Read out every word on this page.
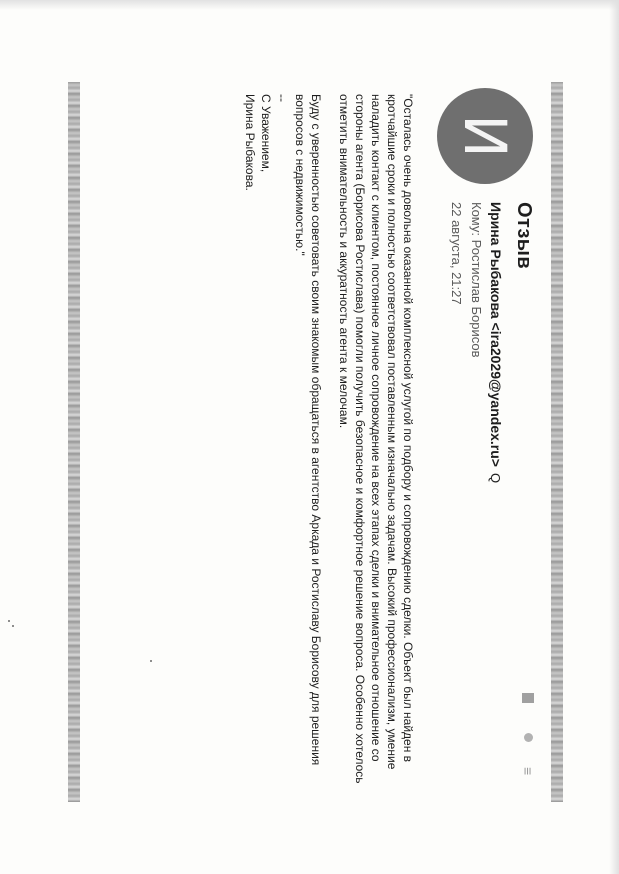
И
Отзыв
Ирина Рыбакова <ira2029@yandex.ru>Q
Кому: Ростислав Борисов
22 августа, 21:27

"Осталась очень довольна оказанной комплексной услугой по подбору и сопровождению сделки. Объект был найден в кротчайшие сроки и полностью соответствовал поставленным изначально задачам. Высокий профессионализм, умение наладить контакт с клиентом, постоянное личное сопровождение на всех этапах сделки и внимательное отношение со стороны агента (Борисова Ростислава) помогли получить безопасное и комфортное решение вопроса. Особенно хотелось отметить внимательность и аккуратность агента к мелочам.

Буду с уверенностью советовать своим знакомым обращаться в агентство Аркада и Ростиславу Борисову для решения вопросов с недвижимостью."

--

С Уважением,

Ирина Рыбакова.

≡
